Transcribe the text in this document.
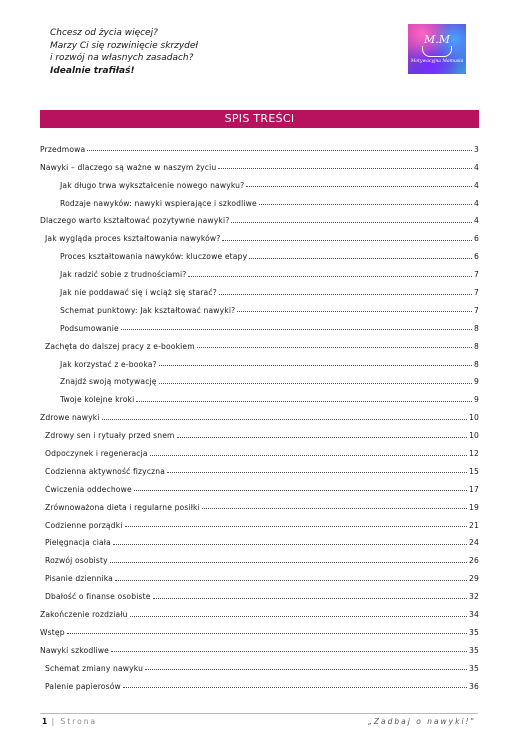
Chcesz od życia więcej?
Marzy Ci się rozwinięcie skrzydeł
i rozwój na własnych zasadach?
Idealnie trafiłaś!
M.M
Motywacyjna Mamusia
SPIS TREŚCI
Przedmowa	3
Nawyki – dlaczego są ważne w naszym życiu	4
Jak długo trwa wykształcenie nowego nawyku?	4
Rodzaje nawyków: nawyki wspierające i szkodliwe	4
Dlaczego warto kształtować pozytywne nawyki?	4
Jak wygląda proces kształtowania nawyków?	6
Proces kształtowania nawyków: kluczowe etapy	6
Jak radzić sobie z trudnościami?	7
Jak nie poddawać się i wciąż się starać?	7
Schemat punktowy: Jak kształtować nawyki?	7
Podsumowanie	8
Zachęta do dalszej pracy z e-bookiem	8
Jak korzystać z e-booka?	8
Znajdź swoją motywację	9
Twoje kolejne kroki	9
Zdrowe nawyki	10
Zdrowy sen i rytuały przed snem	10
Odpoczynek i regeneracja	12
Codzienna aktywność fizyczna	15
Ćwiczenia oddechowe	17
Zrównoważona dieta i regularne posiłki	19
Codzienne porządki	21
Pielęgnacja ciała	24
Rozwój osobisty	26
Pisanie dziennika	29
Dbałość o finanse osobiste	32
Zakończenie rozdziału	34
Wstęp	35
Nawyki szkodliwe	35
Schemat zmiany nawyku	35
Palenie papierosów	36
1 | Strona	„Zadbaj o nawyki!"
